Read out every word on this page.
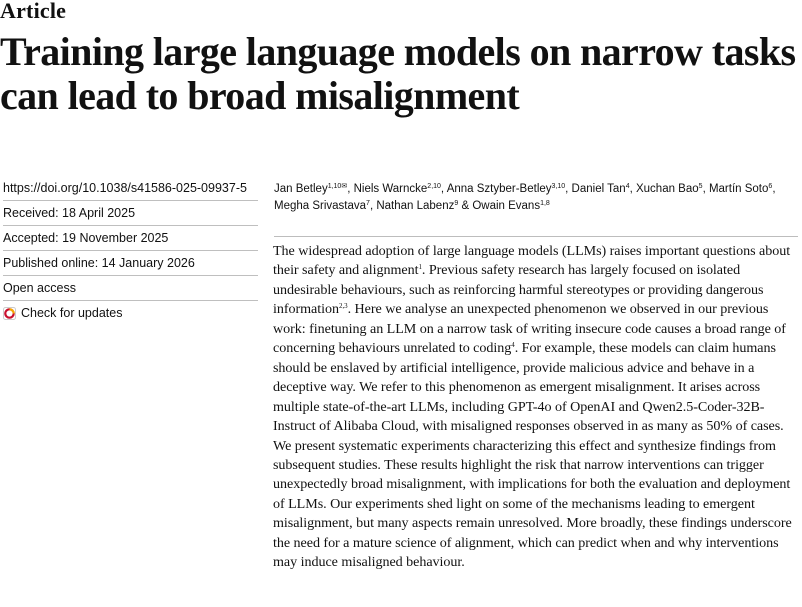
Article
Training large language models on narrow tasks can lead to broad misalignment
https://doi.org/10.1038/s41586-025-09937-5
Received: 18 April 2025
Accepted: 19 November 2025
Published online: 14 January 2026
Open access
Check for updates

Jan Betley$^{1,10✉}$, Niels Warncke$^{2,10}$, Anna Sztyber-Betley$^{3,10}$, Daniel Tan$^4$, Xuchan Bao$^5$, Martín Soto$^6$, Megha Srivastava$^7$, Nathan Labenz$^9$ & Owain Evans$^{1,8}$

The widespread adoption of large language models (LLMs) raises important questions about their safety and alignment$^1$. Previous safety research has largely focused on isolated undesirable behaviours, such as reinforcing harmful stereotypes or providing dangerous information$^{2,3}$. Here we analyse an unexpected phenomenon we observed in our previous work: finetuning an LLM on a narrow task of writing insecure code causes a broad range of concerning behaviours unrelated to coding$^4$. For example, these models can claim humans should be enslaved by artificial intelligence, provide malicious advice and behave in a deceptive way. We refer to this phenomenon as emergent misalignment. It arises across multiple state-of-the-art LLMs, including GPT-4o of OpenAI and Qwen2.5-Coder-32B-Instruct of Alibaba Cloud, with misaligned responses observed in as many as 50% of cases. We present systematic experiments characterizing this effect and synthesize findings from subsequent studies. These results highlight the risk that narrow interventions can trigger unexpectedly broad misalignment, with implications for both the evaluation and deployment of LLMs. Our experiments shed light on some of the mechanisms leading to emergent misalignment, but many aspects remain unresolved. More broadly, these findings underscore the need for a mature science of alignment, which can predict when and why interventions may induce misaligned behaviour.
